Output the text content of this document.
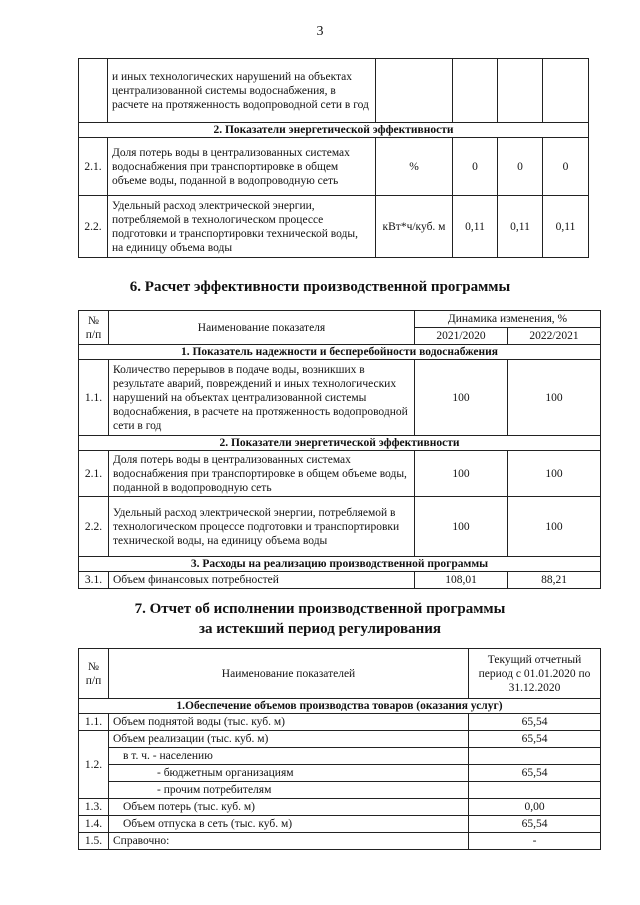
3
	и иных технологических нарушений на объектах централизованной системы водоснабжения, в расчете на протяженность водопроводной сети в год				
2. Показатели энергетической эффективности					
2.1.	Доля потерь воды в централизованных системах водоснабжения при транспортировке в общем объеме воды, поданной в водопроводную сеть	%	0	0	0
2.2.	Удельный расход электрической энергии, потребляемой в технологическом процессе подготовки и транспортировки технической воды, на единицу объема воды	кВт*ч/куб. м	0,11	0,11	0,11
6. Расчет эффективности производственной программы
№ п/п	Наименование показателя	Динамика изменения, %	
		2021/2020	2022/2021
1. Показатель надежности и бесперебойности водоснабжения			
1.1.	Количество перерывов в подаче воды, возникших в результате аварий, повреждений и иных технологических нарушений на объектах централизованной системы водоснабжения, в расчете на протяженность водопроводной сети в год	100	100
2. Показатели энергетической эффективности			
2.1.	Доля потерь воды в централизованных системах водоснабжения при транспортировке в общем объеме воды, поданной в водопроводную сеть	100	100
2.2.	Удельный расход электрической энергии, потребляемой в технологическом процессе подготовки и транспортировки технической воды, на единицу объема воды	100	100
3. Расходы на реализацию производственной программы			
3.1.	Объем финансовых потребностей	108,01	88,21
7. Отчет об исполнении производственной программы
за истекший период регулирования
№ п/п	Наименование показателей	Текущий отчетный период с 01.01.2020 по 31.12.2020
1.Обеспечение объемов производства товаров (оказания услуг)		
1.1.	Объем поднятой воды (тыс. куб. м)	65,54
1.2.	Объем реализации (тыс. куб. м)	65,54
	в т. ч. - населению	
	- бюджетным организациям	65,54
	- прочим потребителям	
1.3.	Объем потерь (тыс. куб. м)	0,00
1.4.	Объем отпуска в сеть (тыс. куб. м)	65,54
1.5.	Справочно:	-
